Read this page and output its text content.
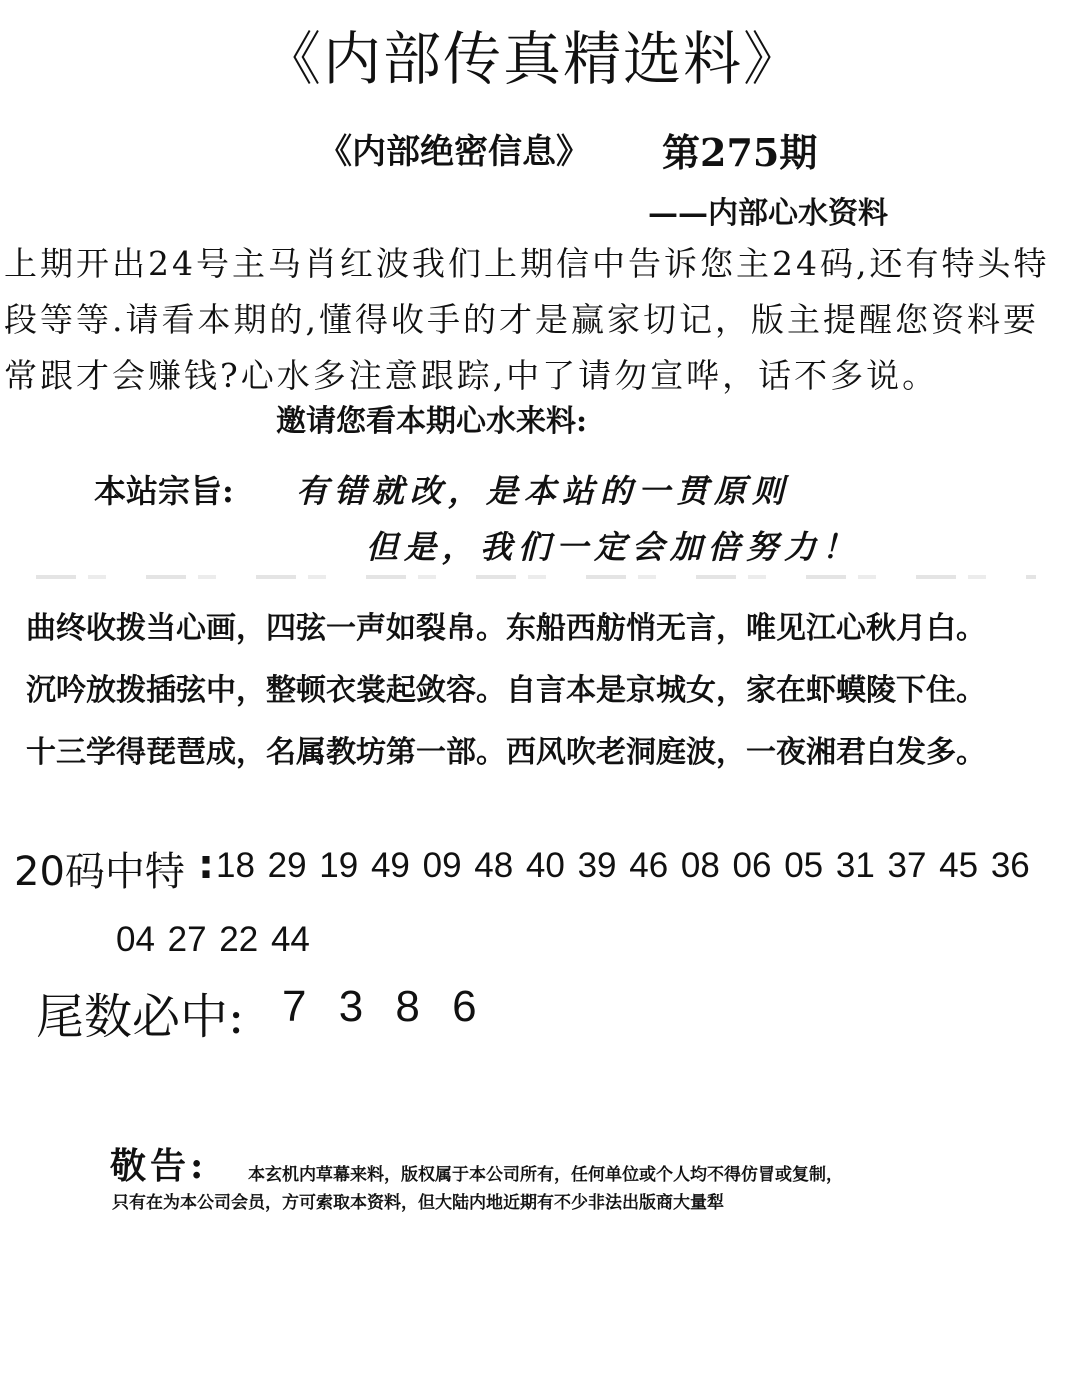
《内部传真精选料》
《内部绝密信息》 第275期
——内部心水资料
上期开出24号主马肖红波我们上期信中告诉您主24码,还有特头特段等等.请看本期的,懂得收手的才是赢家切记，版主提醒您资料要常跟才会赚钱?心水多注意跟踪,中了请勿宣哗，话不多说。
邀请您看本期心水来料:
本站宗旨: 有错就改，是本站的一贯原则
但是，我们一定会加倍努力！
曲终收拨当心画，四弦一声如裂帛。东船西舫悄无言，唯见江心秋月白。
沉吟放拨插弦中，整顿衣裳起敛容。自言本是京城女，家在虾蟆陵下住。
十三学得琵琶成，名属教坊第一部。西风吹老洞庭波，一夜湘君白发多。
20码中特 : 18 29 19 49 09 48 40 39 46 08 06 05 31 37 45 36
04 27 22 44
尾数必中: 7 3 8 6
敬告: 本玄机内草幕来料，版权属于本公司所有，任何单位或个人均不得仿冒或复制，
只有在为本公司会员，方可索取本资料，但大陆内地近期有不少非法出版商大量犁
